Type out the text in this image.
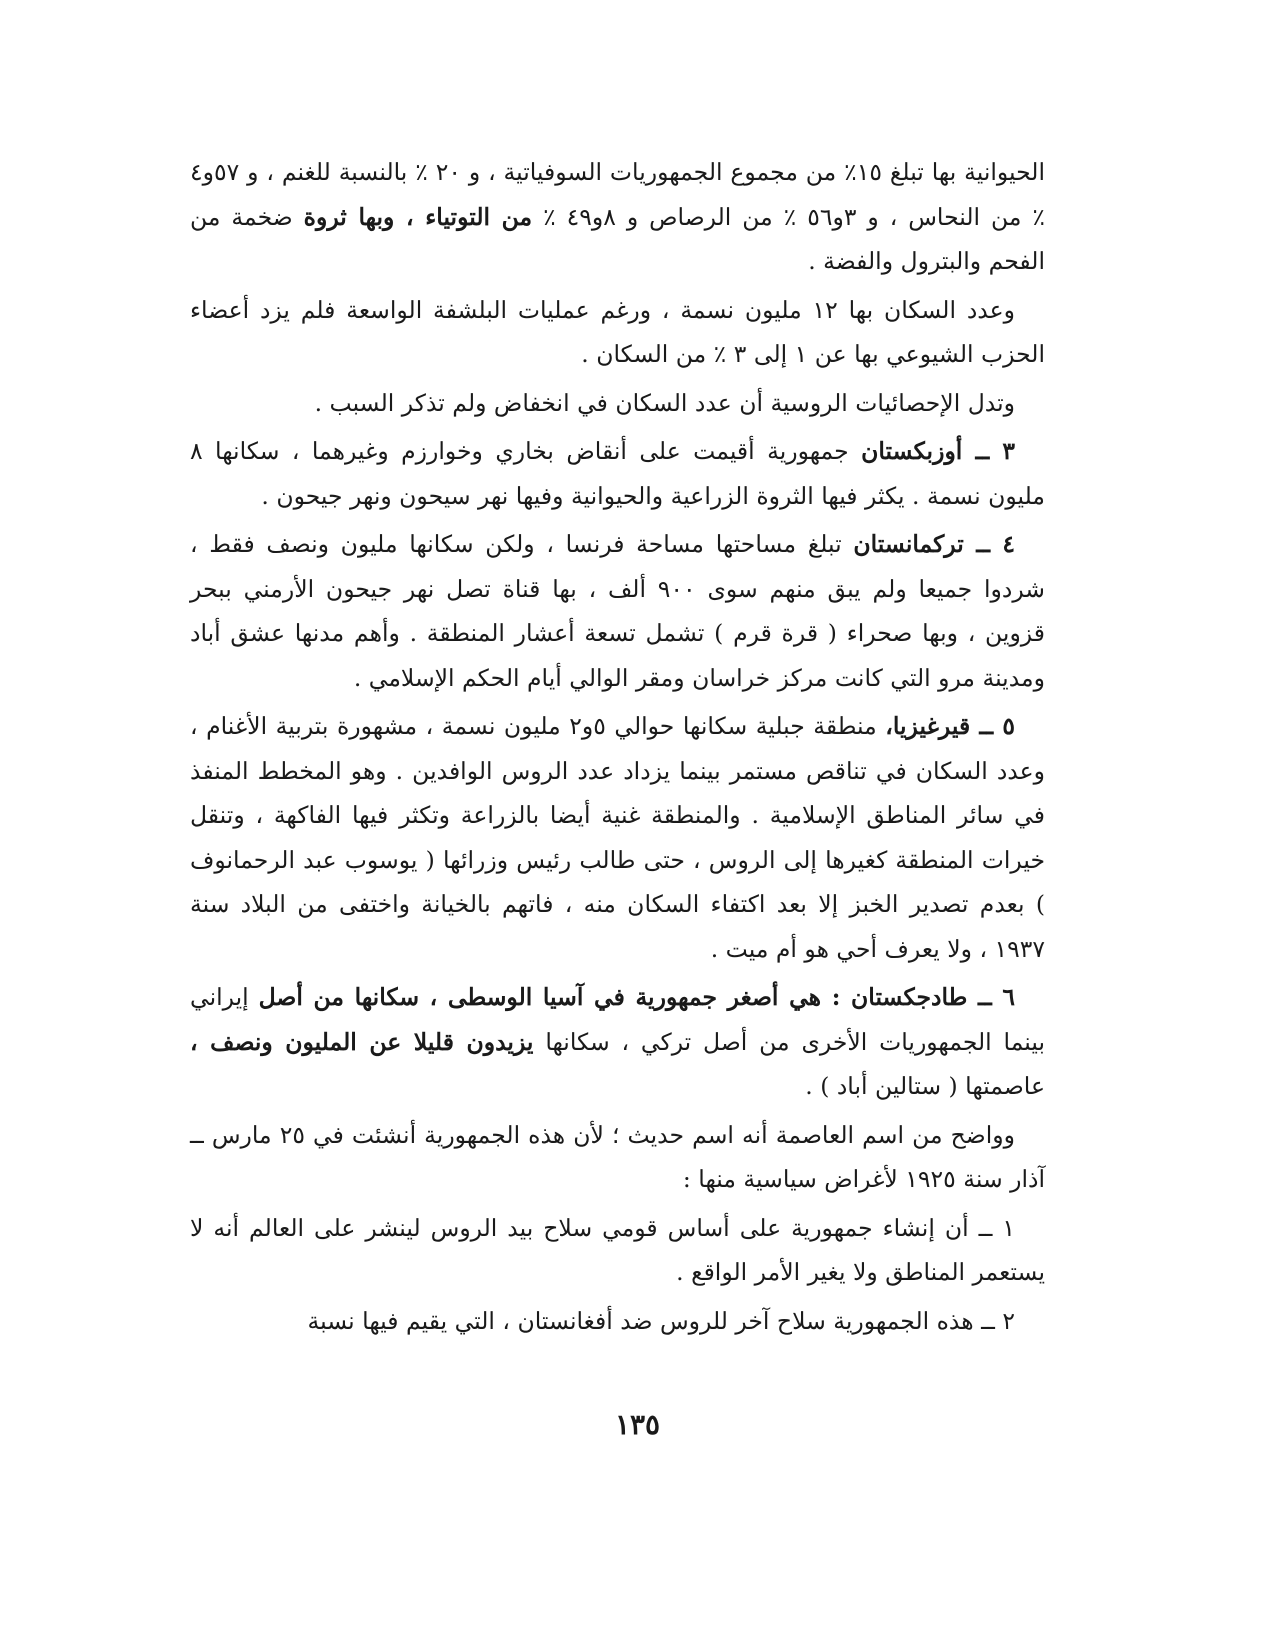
الحيوانية بها تبلغ ١٥٪ من مجموع الجمهوريات السوفياتية ، و ٢٠ ٪ بالنسبة للغنم ، و ٥٧و٤ ٪ من النحاس ، و ٣و٥٦ ٪ من الرصاص و ٨و٤٩ ٪ من التوتياء ، وبها ثروة ضخمة من الفحم والبترول والفضة .

وعدد السكان بها ١٢ مليون نسمة ، ورغم عمليات البلشفة الواسعة فلم يزد أعضاء الحزب الشيوعي بها عن ١ إلى ٣ ٪ من السكان .

وتدل الإحصائيات الروسية أن عدد السكان في انخفاض ولم تذكر السبب .

٣ ــ أوزبكستان جمهورية أقيمت على أنقاض بخاري وخوارزم وغيرهما ، سكانها ٨ مليون نسمة . يكثر فيها الثروة الزراعية والحيوانية وفيها نهر سيحون ونهر جيحون .

٤ ــ تركمانستان تبلغ مساحتها مساحة فرنسا ، ولكن سكانها مليون ونصف فقط ، شردوا جميعا ولم يبق منهم سوى ٩٠٠ ألف ، بها قناة تصل نهر جيحون الأرمني ببحر قزوين ، وبها صحراء ( قرة قرم ) تشمل تسعة أعشار المنطقة . وأهم مدنها عشق أباد ومدينة مرو التي كانت مركز خراسان ومقر الوالي أيام الحكم الإسلامي .

٥ ــ قيرغيزيا، منطقة جبلية سكانها حوالي ٥و٢ مليون نسمة ، مشهورة بتربية الأغنام ، وعدد السكان في تناقص مستمر بينما يزداد عدد الروس الوافدين . وهو المخطط المنفذ في سائر المناطق الإسلامية . والمنطقة غنية أيضا بالزراعة وتكثر فيها الفاكهة ، وتنقل خيرات المنطقة كغيرها إلى الروس ، حتى طالب رئيس وزرائها ( يوسوب عبد الرحمانوف ) بعدم تصدير الخبز إلا بعد اكتفاء السكان منه ، فاتهم بالخيانة واختفى من البلاد سنة ١٩٣٧ ، ولا يعرف أحي هو أم ميت .

٦ ــ طادجكستان : هي أصغر جمهورية في آسيا الوسطى ، سكانها من أصل إيراني بينما الجمهوريات الأخرى من أصل تركي ، سكانها يزيدون قليلا عن المليون ونصف ، عاصمتها ( ستالين أباد ) .

وواضح من اسم العاصمة أنه اسم حديث ؛ لأن هذه الجمهورية أنشئت في ٢٥ مارس ــ آذار سنة ١٩٢٥ لأغراض سياسية منها :

١ ــ أن إنشاء جمهورية على أساس قومي سلاح بيد الروس لينشر على العالم أنه لا يستعمر المناطق ولا يغير الأمر الواقع .

٢ ــ هذه الجمهورية سلاح آخر للروس ضد أفغانستان ، التي يقيم فيها نسبة

١٣٥
